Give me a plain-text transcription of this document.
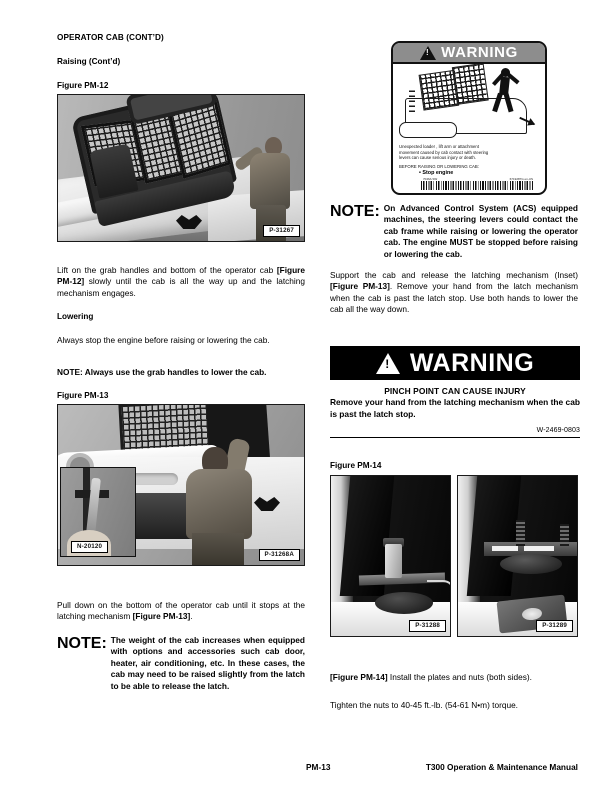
OPERATOR CAB (CONT’D)
Raising (Cont’d)
Figure PM-12
P-31267

Lift on the grab handles and bottom of the operator cab [Figure PM-12] slowly until the cab is all the way up and the latching mechanism engages.

Lowering

Always stop the engine before raising or lowering the cab.

NOTE: Always use the grab handles to lower the cab.

Figure PM-13
N-20120
P-31268A

Pull down on the bottom of the operator cab until it stops at the latching mechanism [Figure PM-13].

NOTE: The weight of the cab increases when equipped with options and accessories such cab door, heater, air conditioning, etc. In these cases, the cab may need to be raised slightly from the latch to be able to release the latch.
!
WARNING
Unexpected loader , lift arm or attachment
movement caused by cab contact with steering
levers can cause serious injury or death.
BEFORE RAISING OR LOWERING CAB:
• Stop engine
7046A SW	6719287G en-US
NOTE: On Advanced Control System (ACS) equipped machines, the steering levers could contact the cab frame while raising or lowering the operator cab. The engine MUST be stopped before raising or lowering the cab.

Support the cab and release the latching mechanism (Inset) [Figure PM-13]. Remove your hand from the latch mechanism when the cab is past the latch stop. Use both hands to lower the cab all the way down.

!
WARNING
PINCH POINT CAN CAUSE INJURY
Remove your hand from the latching mechanism when the cab is past the latch stop.
W-2469-0803
Figure PM-14
P-31288	P-31289

[Figure PM-14] Install the plates and nuts (both sides).

Tighten the nuts to 40-45 ft.-lb. (54-61 N•m) torque.

PM-13	T300 Operation & Maintenance Manual
